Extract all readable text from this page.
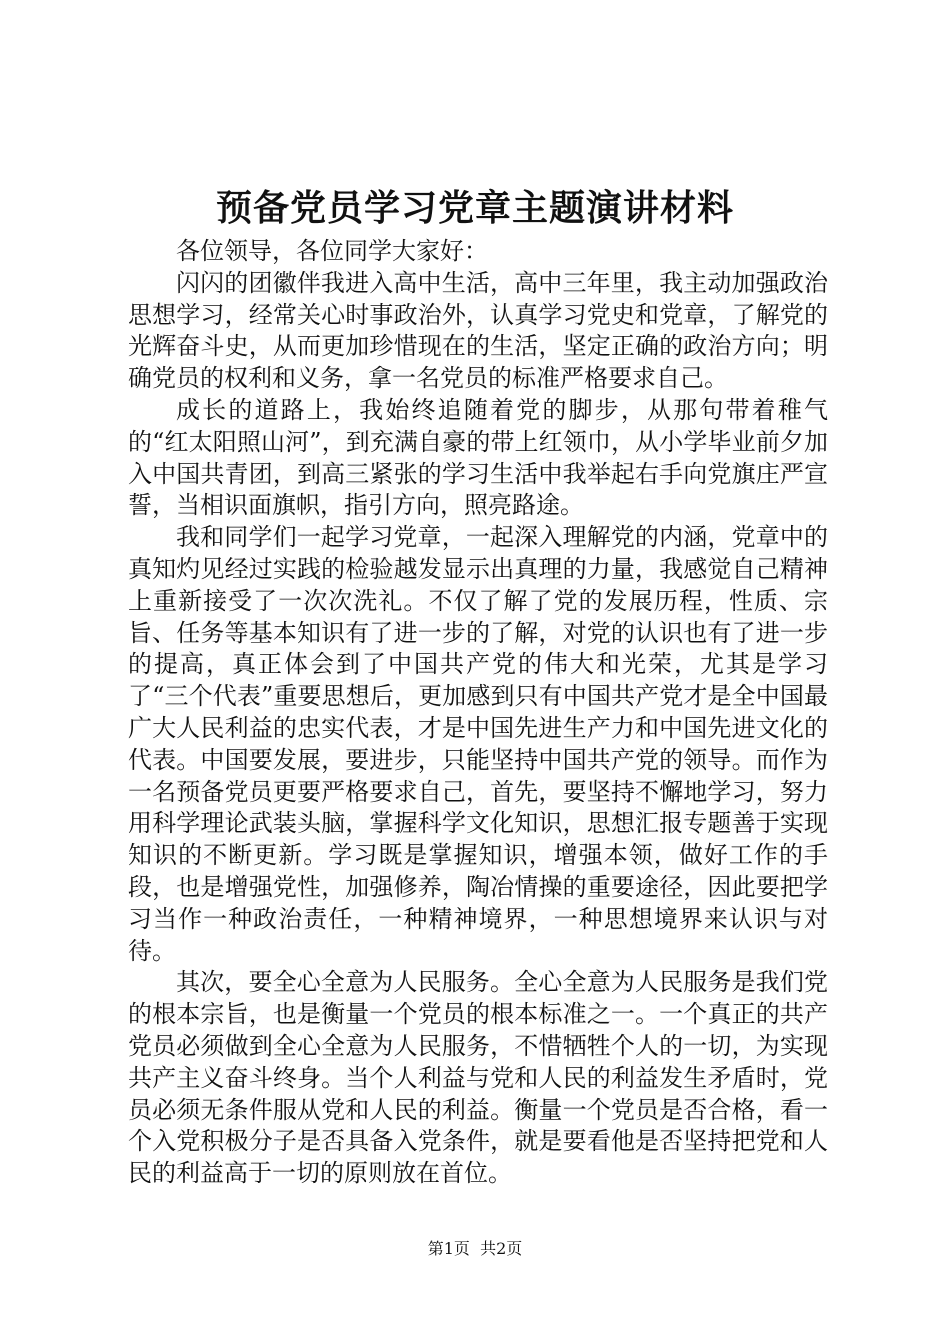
预备党员学习党章主题演讲材料

各位领导，各位同学大家好：

闪闪的团徽伴我进入高中生活，高中三年里，我主动加强政治思想学习，经常关心时事政治外，认真学习党史和党章，了解党的光辉奋斗史，从而更加珍惜现在的生活，坚定正确的政治方向；明确党员的权利和义务，拿一名党员的标准严格要求自己。

成长的道路上，我始终追随着党的脚步，从那句带着稚气的“红太阳照山河”，到充满自豪的带上红领巾，从小学毕业前夕加入中国共青团，到高三紧张的学习生活中我举起右手向党旗庄严宣誓，当相识面旗帜，指引方向，照亮路途。

我和同学们一起学习党章，一起深入理解党的内涵，党章中的真知灼见经过实践的检验越发显示出真理的力量，我感觉自己精神上重新接受了一次次洗礼。不仅了解了党的发展历程，性质、宗旨、任务等基本知识有了进一步的了解，对党的认识也有了进一步的提高，真正体会到了中国共产党的伟大和光荣，尤其是学习了“三个代表”重要思想后，更加感到只有中国共产党才是全中国最广大人民利益的忠实代表，才是中国先进生产力和中国先进文化的代表。中国要发展，要进步，只能坚持中国共产党的领导。而作为一名预备党员更要严格要求自己，首先，要坚持不懈地学习，努力用科学理论武装头脑，掌握科学文化知识，思想汇报专题善于实现知识的不断更新。学习既是掌握知识，增强本领，做好工作的手段，也是增强党性，加强修养，陶冶情操的重要途径，因此要把学习当作一种政治责任，一种精神境界，一种思想境界来认识与对待。

其次，要全心全意为人民服务。全心全意为人民服务是我们党的根本宗旨，也是衡量一个党员的根本标准之一。一个真正的共产党员必须做到全心全意为人民服务，不惜牺牲个人的一切，为实现共产主义奋斗终身。当个人利益与党和人民的利益发生矛盾时，党员必须无条件服从党和人民的利益。衡量一个党员是否合格，看一个入党积极分子是否具备入党条件，就是要看他是否坚持把党和人民的利益高于一切的原则放在首位。

第1页  共2页
